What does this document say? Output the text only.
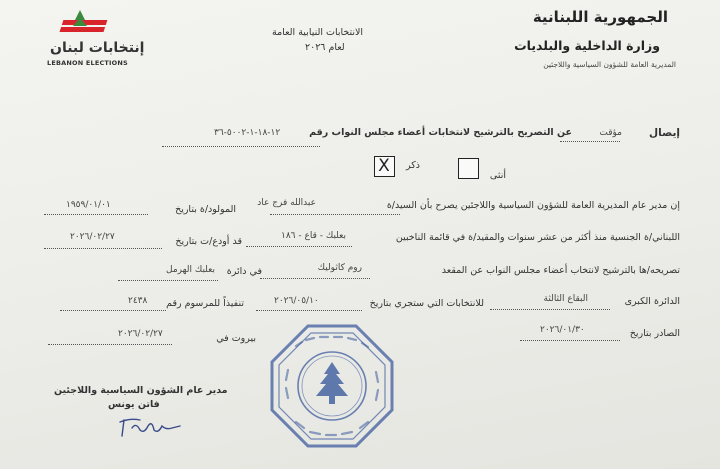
الجمهورية اللبنانية
وزارة الداخلية والبلديات
المديرية العامة للشؤون السياسية واللاجئين
الانتخابات النيابية العامة
لعام ٢٠٢٦
إنتخابات لبنان
LEBANON ELECTIONS
إيصال
مؤقت
عن التصريح بالترشيح لانتخابات أعضاء مجلس النواب رقم
١٢-١٨-١-٥٠٠٢-٣٦
أنثى
ذكر
X
إن مدير عام المديرية العامة للشؤون السياسية واللاجئين يصرح بأن السيد/ة
عبدالله فرج عاد
المولود/ة بتاريخ
١٩٥٩/٠١/٠١
اللبناني/ة الجنسية منذ أكثر من عشر سنوات والمقيد/ة في قائمة الناخبين
بعلبك - قاع - ١٨٦
قد أودع/ت بتاريخ
٢٠٢٦/٠٢/٢٧
تصريحه/ها بالترشيح لانتخاب أعضاء مجلس النواب عن المقعد
روم كاثوليك
في دائرة
بعلبك الهرمل
الدائرة الكبرى
البقاع الثالثة
للانتخابات التي ستجري بتاريخ
٢٠٢٦/٠٥/١٠
تنفيذاً للمرسوم رقم
٢٤٣٨
الصادر بتاريخ
٢٠٢٦/٠١/٣٠
بيروت في
٢٠٢٦/٠٢/٢٧
مدير عام الشؤون السياسية واللاجئين
فاتن يونس
